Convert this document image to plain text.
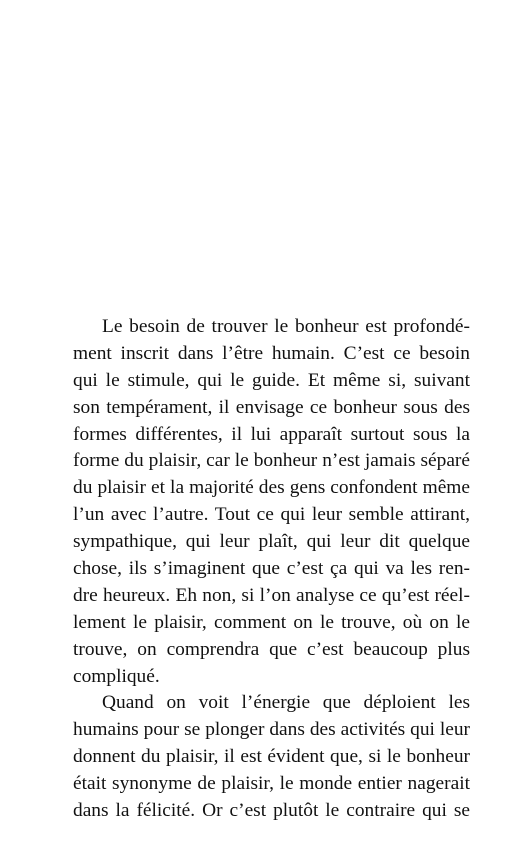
Le besoin de trouver le bonheur est profondé-
ment inscrit dans l’être humain. C’est ce besoin
qui le stimule, qui le guide. Et même si, suivant
son tempérament, il envisage ce bonheur sous des
formes différentes, il lui apparaît surtout sous la
forme du plaisir, car le bonheur n’est jamais séparé
du plaisir et la majorité des gens confondent même
l’un avec l’autre. Tout ce qui leur semble attirant,
sympathique, qui leur plaît, qui leur dit quelque
chose, ils s’imaginent que c’est ça qui va les ren-
dre heureux. Eh non, si l’on analyse ce qu’est réel-
lement le plaisir, comment on le trouve, où on le
trouve, on comprendra que c’est beaucoup plus
compliqué.
Quand on voit l’énergie que déploient les
humains pour se plonger dans des activités qui leur
donnent du plaisir, il est évident que, si le bonheur
était synonyme de plaisir, le monde entier nagerait
dans la félicité. Or c’est plutôt le contraire qui se
